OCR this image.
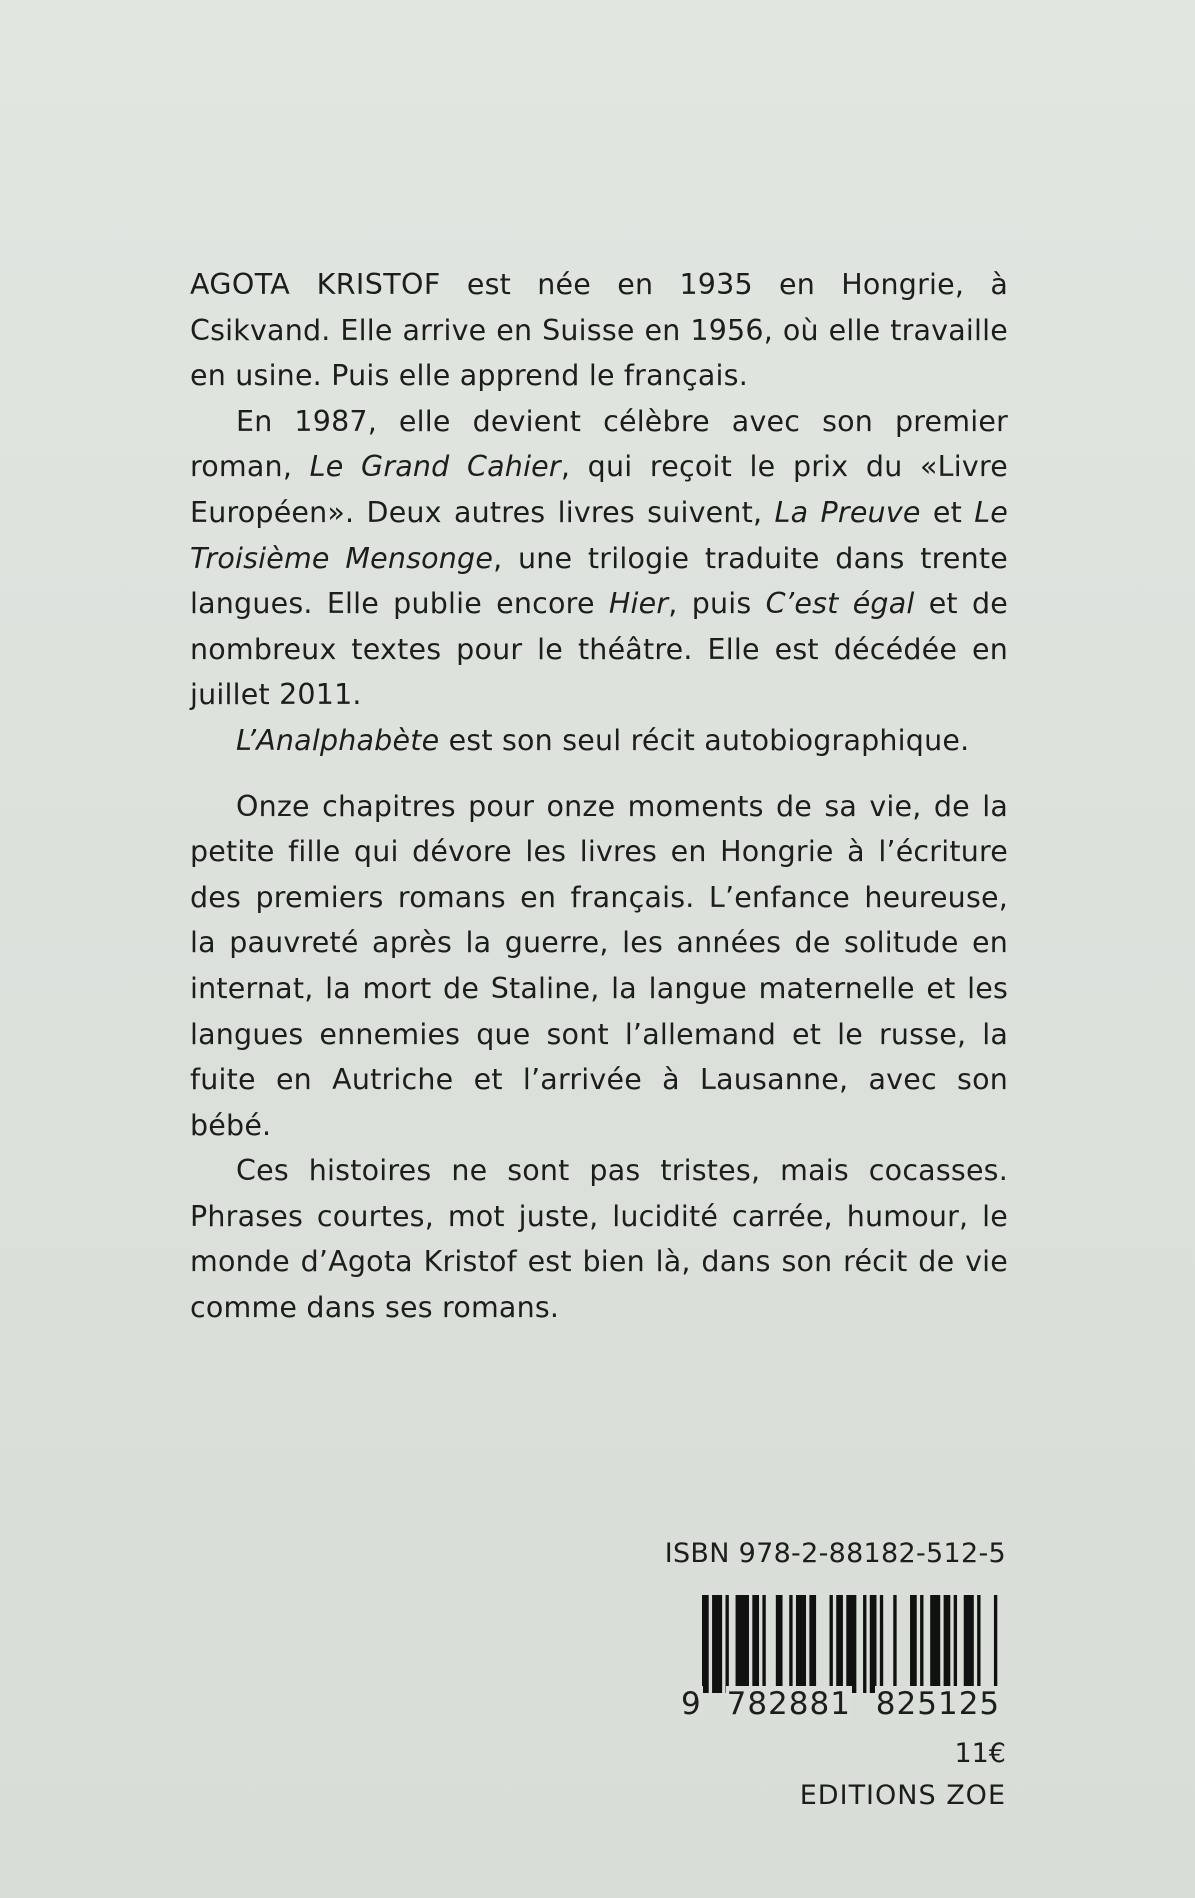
AGOTA KRISTOF est née en 1935 en Hongrie, à Csikvand. Elle arrive en Suisse en 1956, où elle travaille en usine. Puis elle apprend le français.

En 1987, elle devient célèbre avec son premier roman, Le Grand Cahier, qui reçoit le prix du «Livre Européen». Deux autres livres suivent, La Preuve et Le Troisième Mensonge, une trilogie traduite dans trente langues. Elle publie encore Hier, puis C’est égal et de nombreux textes pour le théâtre. Elle est décédée en juillet 2011.

L’Analphabète est son seul récit autobiographique.

Onze chapitres pour onze moments de sa vie, de la petite fille qui dévore les livres en Hongrie à l’écriture des premiers romans en français. L’enfance heureuse, la pauvreté après la guerre, les années de solitude en internat, la mort de Staline, la langue maternelle et les langues ennemies que sont l’allemand et le russe, la fuite en Autriche et l’arrivée à Lausanne, avec son bébé.

Ces histoires ne sont pas tristes, mais cocasses. Phrases courtes, mot juste, lucidité carrée, humour, le monde d’Agota Kristof est bien là, dans son récit de vie comme dans ses romans.

ISBN 978-2-88182-512-5
9 782881 825125
11€
EDITIONS ZOE
